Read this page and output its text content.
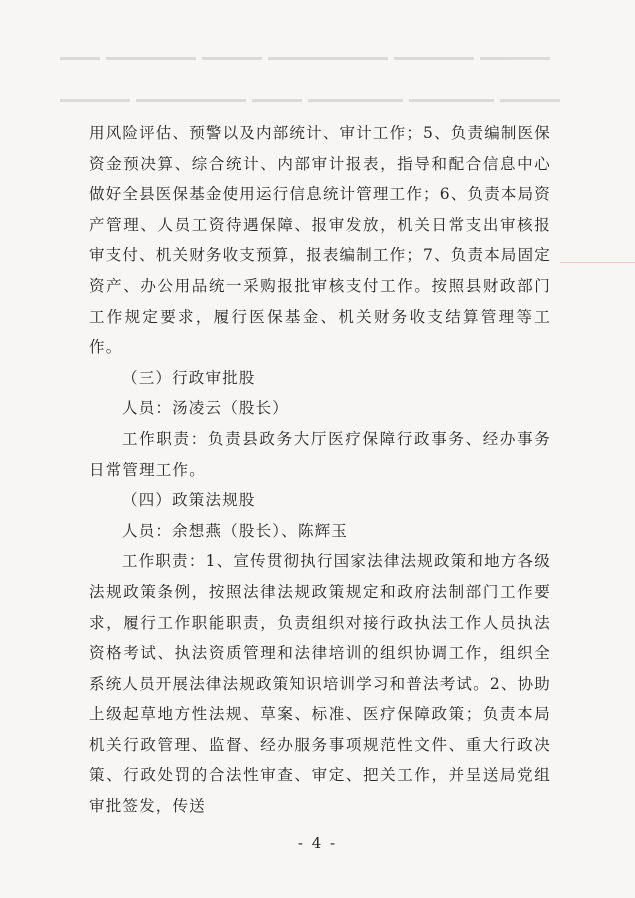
用风险评估、预警以及内部统计、审计工作；5、负责编制医保资金预决算、综合统计、内部审计报表，指导和配合信息中心做好全县医保基金使用运行信息统计管理工作；6、负责本局资产管理、人员工资待遇保障、报审发放，机关日常支出审核报审支付、机关财务收支预算，报表编制工作；7、负责本局固定资产、办公用品统一采购报批审核支付工作。按照县财政部门工作规定要求，履行医保基金、机关财务收支结算管理等工作。

（三）行政审批股

人员：汤凌云（股长）

工作职责：负责县政务大厅医疗保障行政事务、经办事务日常管理工作。

（四）政策法规股

人员：余想燕（股长）、陈辉玉

工作职责：1、宣传贯彻执行国家法律法规政策和地方各级法规政策条例，按照法律法规政策规定和政府法制部门工作要求，履行工作职能职责，负责组织对接行政执法工作人员执法资格考试、执法资质管理和法律培训的组织协调工作，组织全系统人员开展法律法规政策知识培训学习和普法考试。2、协助上级起草地方性法规、草案、标准、医疗保障政策；负责本局机关行政管理、监督、经办服务事项规范性文件、重大行政决策、行政处罚的合法性审查、审定、把关工作，并呈送局党组审批签发，传送

- 4 -
